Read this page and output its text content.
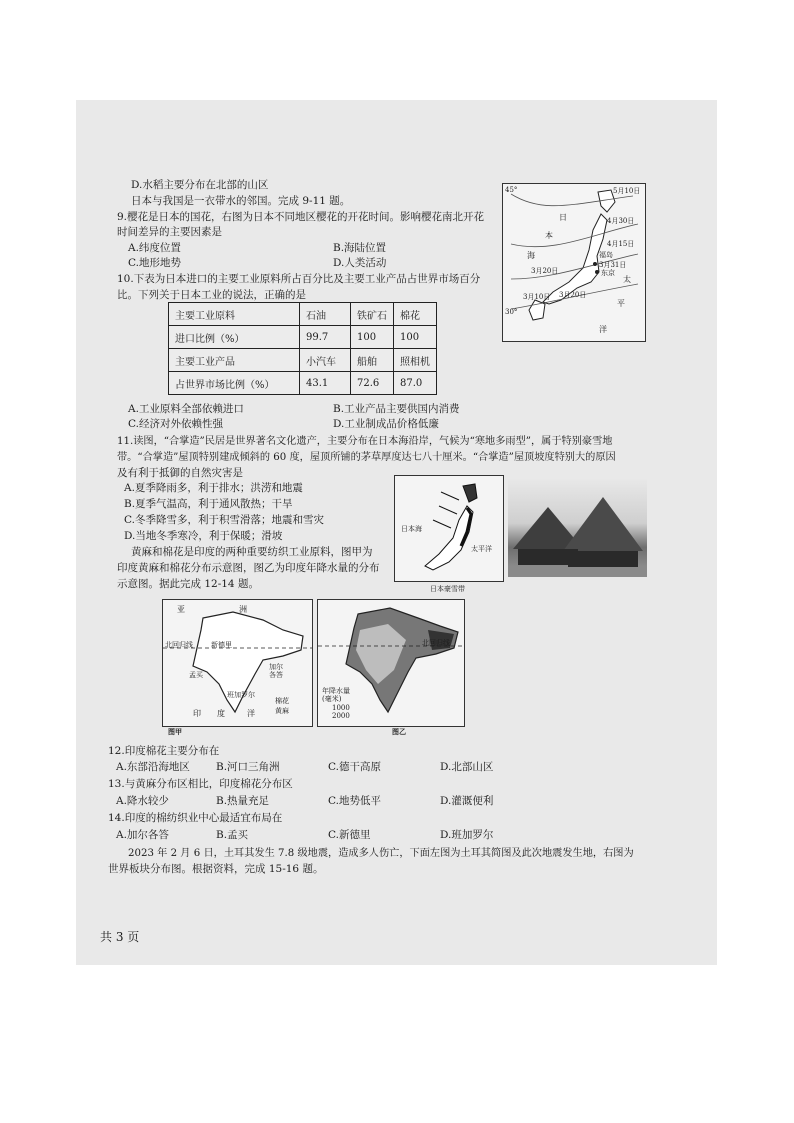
D.水稻主要分布在北部的山区
日本与我国是一衣带水的邻国。完成 9-11 题。
9.樱花是日本的国花，右图为日本不同地区樱花的开花时间。影响樱花南北开花
时间差异的主要因素是
A.纬度位置	B.海陆位置
C.地形地势	D.人类活动
10.下表为日本进口的主要工业原料所占百分比及主要工业产品占世界市场百分
比。下列关于日本工业的说法，正确的是
主要工业原料	石油	铁矿石	棉花
进口比例（%）	99.7	100	100
主要工业产品	小汽车	船舶	照相机
占世界市场比例（%）	43.1	72.6	87.0
A.工业原料全部依赖进口	B.工业产品主要供国内消费
C.经济对外依赖性强	D.工业制成品价格低廉
11.读图，“合掌造”民居是世界著名文化遗产，主要分布在日本海沿岸，气候为“寒地多雨型”，属于特别豪雪地
带。“合掌造”屋顶特别建成倾斜的 60 度，屋顶所铺的茅草厚度达七八十厘米。“合掌造”屋顶坡度特别大的原因
及有利于抵御的自然灾害是
A.夏季降雨多，利于排水；洪涝和地震
B.夏季气温高，利于通风散热；干旱
C.冬季降雪多，利于积雪滑落；地震和雪灾
D.当地冬季寒冷，利于保暖；滑坡
黄麻和棉花是印度的两种重要纺织工业原料，图甲为
印度黄麻和棉花分布示意图，图乙为印度年降水量的分布
示意图。据此完成 12-14 题。
45°
30°
5月10日
4月30日
4月15日
3月31日
3月20日
3月10日 3月20日
日
本
海
太
平
洋
福岛
东京
日本海
太平洋
日本豪雪带
亚	洲
新德里
加尔
各答
孟买
班加罗尔
印 度	洋
北回归线
棉花
黄麻
图甲
北回归线
年降水量
(毫米)
1000
2000
图乙
12.印度棉花主要分布在
A.东部沿海地区 B.河口三角洲	C.德干高原	D.北部山区
13.与黄麻分布区相比，印度棉花分布区
A.降水较少	B.热量充足	C.地势低平	D.灌溉便利
14.印度的棉纺织业中心最适宜布局在
A.加尔各答	B.孟买	C.新德里	D.班加罗尔
2023 年 2 月 6 日，土耳其发生 7.8 级地震，造成多人伤亡，下面左图为土耳其简图及此次地震发生地，右图为
世界板块分布图。根据资料，完成 15-16 题。
共 3 页
